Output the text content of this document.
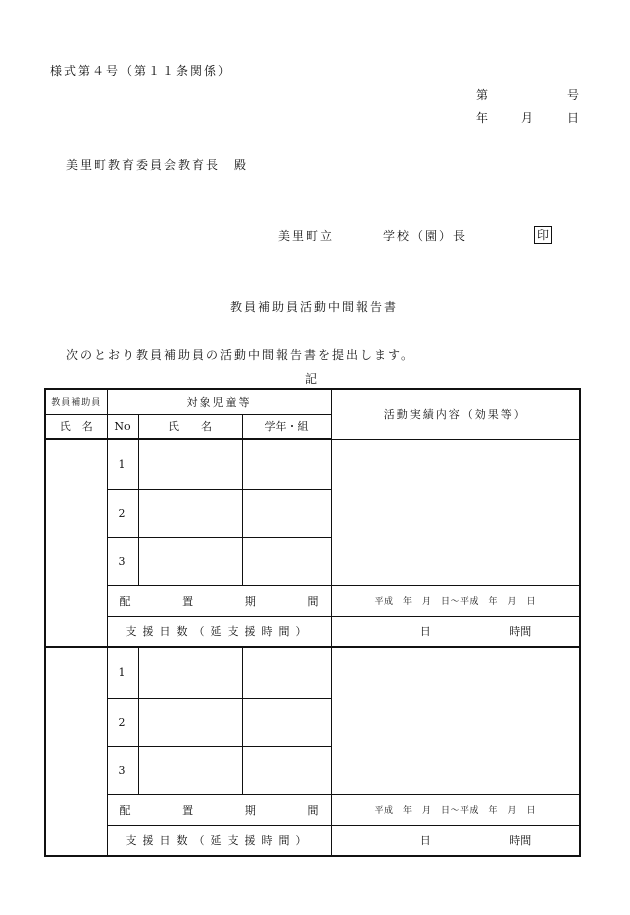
様式第４号（第１１条関係）
第	号
年	月	日
美里町教育委員会教育長　殿
美里町立	学校（園）長	印
教員補助員活動中間報告書
次のとおり教員補助員の活動中間報告書を提出します。
記
教員補助員	対象児童等			活動実績内容（効果等）
氏　名	No	氏　　名	学年・組	
	1			
	2			
	3			

	配 置 期 間			平成　年　月　日～平成　年　月　日
	支援日数（延支援時間）			日 時間
	1			
	2			
	3			

	配 置 期 間			平成　年　月　日～平成　年　月　日
	支援日数（延支援時間）			日 時間
